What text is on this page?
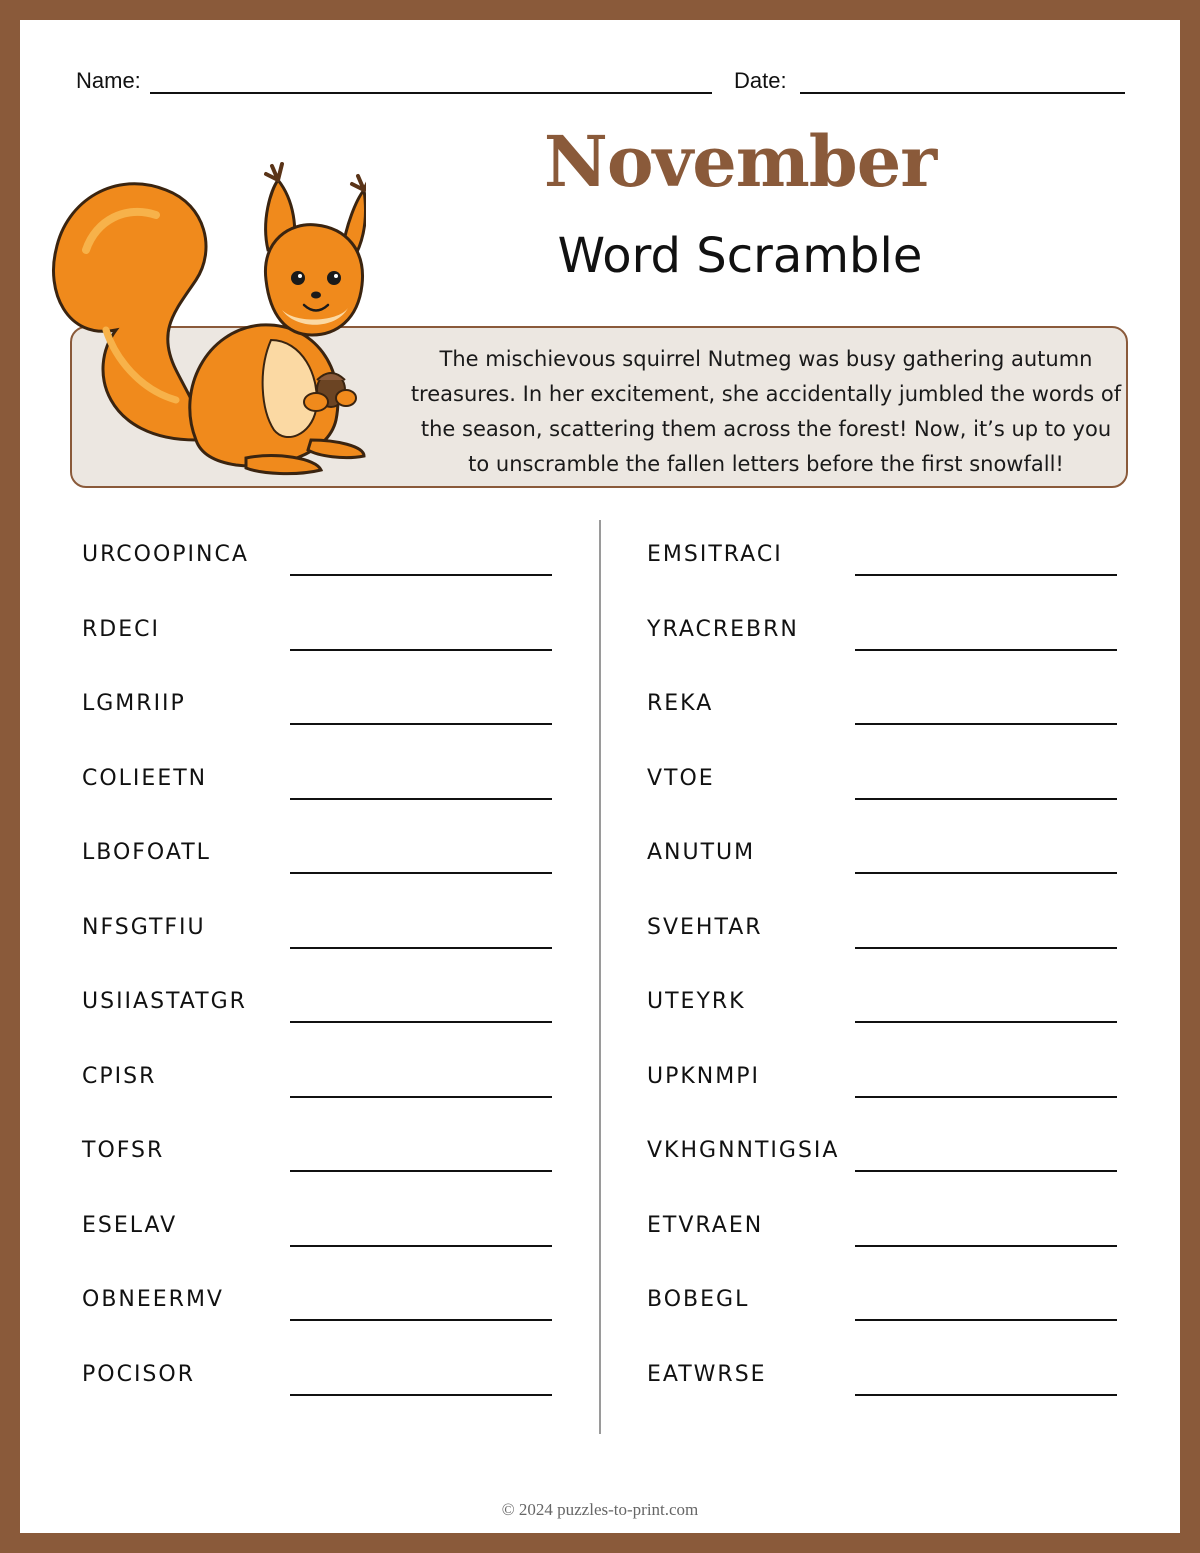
Name:	Date:
November
Word Scramble
The mischievous squirrel Nutmeg was busy gathering autumn treasures. In her excitement, she accidentally jumbled the words of the season, scattering them across the forest! Now, it’s up to you to unscramble the fallen letters before the first snowfall!
URCOOPINCA
RDECI
LGMRIIP
COLIEETN
LBOFOATL
NFSGTFIU
USIIASTATGR
CPISR
TOFSR
ESELAV
OBNEERMV
POCISOR
EMSITRACI
YRACREBRN
REKA
VTOE
ANUTUM
SVEHTAR
UTEYRK
UPKNMPI
VKHGNNTIGSIA
ETVRAEN
BOBEGL
EATWRSE
© 2024 puzzles-to-print.com
